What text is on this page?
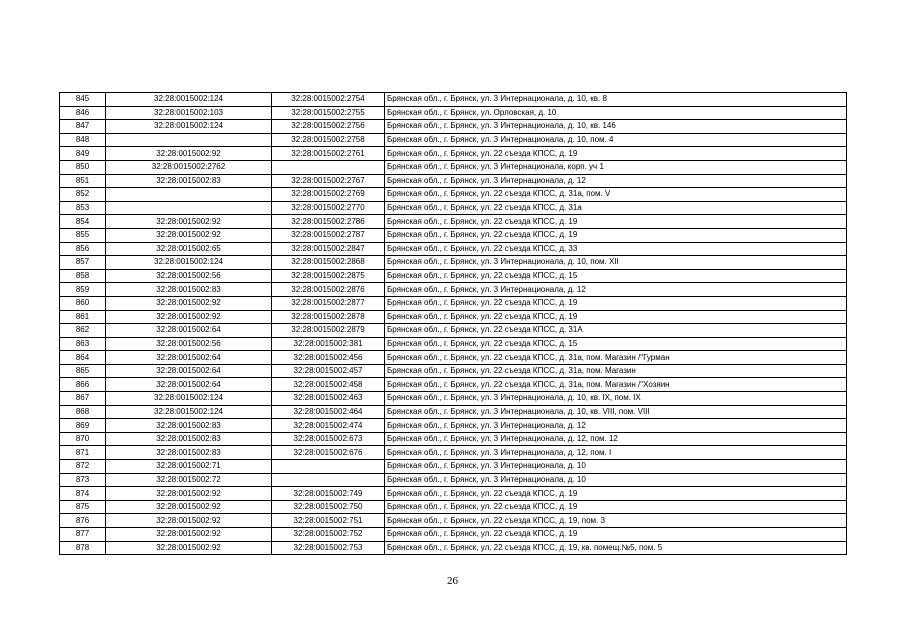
845	32:28:0015002:124	32:28:0015002:2754	Брянская обл., г. Брянск, ул. 3 Интернационала, д. 10, кв. 8
846	32:28:0015002:103	32:28:0015002:2755	Брянская обл., г. Брянск, ул. Орловская, д. 10
847	32:28:0015002:124	32:28:0015002:2756	Брянская обл., г. Брянск, ул. 3 Интернационала, д. 10, кв. 146
848		32:28:0015002:2758	Брянская обл., г. Брянск, ул. 3 Интернационала, д. 10, пом. 4
849	32:28:0015002:92	32:28:0015002:2761	Брянская обл., г. Брянск, ул. 22 съезда КПСС, д. 19
850	32:28:0015002:2762		Брянская обл., г. Брянск, ул. 3 Интернационала, корп. уч 1
851	32:28:0015002:83	32:28:0015002:2767	Брянская обл., г. Брянск, ул. 3 Интернационала, д. 12
852		32:28:0015002:2769	Брянская обл., г. Брянск, ул. 22 съезда КПСС, д. 31а, пом. V
853		32:28:0015002:2770	Брянская обл., г. Брянск, ул. 22 съезда КПСС, д. 31а
854	32:28:0015002:92	32:28:0015002:2786	Брянская обл., г. Брянск, ул. 22 съезда КПСС, д. 19
855	32:28:0015002:92	32:28:0015002:2787	Брянская обл., г. Брянск, ул. 22 съезда КПСС, д. 19
856	32:28:0015002:65	32:28:0015002:2847	Брянская обл., г. Брянск, ул. 22 съезда КПСС, д. 33
857	32:28:0015002:124	32:28:0015002:2868	Брянская обл., г. Брянск, ул. 3 Интернационала, д. 10, пом. XII
858	32:28:0015002:56	32:28:0015002:2875	Брянская обл., г. Брянск, ул. 22 съезда КПСС, д. 15
859	32:28:0015002:83	32:28:0015002:2876	Брянская обл., г. Брянск, ул. 3 Интернационала, д. 12
860	32:28:0015002:92	32:28:0015002:2877	Брянская обл., г. Брянск, ул. 22 съезда КПСС, д. 19
861	32:28:0015002:92	32:28:0015002:2878	Брянская обл., г. Брянск, ул. 22 съезда КПСС, д. 19
862	32:28:0015002:64	32:28:0015002:2879	Брянская обл., г. Брянск, ул. 22 съезда КПСС, д. 31А
863	32:28:0015002:56	32:28:0015002:381	Брянская обл., г. Брянск, ул. 22 съезда КПСС, д. 15
864	32:28:0015002:64	32:28:0015002:456	Брянская обл., г. Брянск, ул. 22 съезда КПСС, д. 31а, пом. Магазин /"Гурман
865	32:28:0015002:64	32:28:0015002:457	Брянская обл., г. Брянск, ул. 22 съезда КПСС, д. 31а, пом. Магазин
866	32:28:0015002:64	32:28:0015002:458	Брянская обл., г. Брянск, ул. 22 съезда КПСС, д. 31а, пом. Магазин /"Хозяин
867	32:28:0015002:124	32:28:0015002:463	Брянская обл., г. Брянск, ул. 3 Интернационала, д. 10, кв. IX, пом. IX
868	32:28:0015002:124	32:28:0015002:464	Брянская обл., г. Брянск, ул. 3 Интернационала, д. 10, кв. VIII, пом. VIII
869	32:28:0015002:83	32:28:0015002:474	Брянская обл., г. Брянск, ул. 3 Интернационала, д. 12
870	32:28:0015002:83	32:28:0015002:673	Брянская обл., г. Брянск, ул. 3 Интернационала, д. 12, пом. 12
871	32:28:0015002:83	32:28:0015002:676	Брянская обл., г. Брянск, ул. 3 Интернационала, д. 12, пом. I
872	32:28:0015002:71		Брянская обл., г. Брянск, ул. 3 Интернационала, д. 10
873	32:28:0015002:72		Брянская обл., г. Брянск, ул. 3 Интернационала, д. 10
874	32:28:0015002:92	32:28:0015002:749	Брянская обл., г. Брянск, ул. 22 съезда КПСС, д. 19
875	32:28:0015002:92	32:28:0015002:750	Брянская обл., г. Брянск, ул. 22 съезда КПСС, д. 19
876	32:28:0015002:92	32:28:0015002:751	Брянская обл., г. Брянск, ул. 22 съезда КПСС, д. 19, пом. 3
877	32:28:0015002:92	32:28:0015002:752	Брянская обл., г. Брянск, ул. 22 съезда КПСС, д. 19
878	32:28:0015002:92	32:28:0015002:753	Брянская обл., г. Брянск, ул. 22 съезда КПСС, д. 19, кв. помещ.№5, пом. 5
26
